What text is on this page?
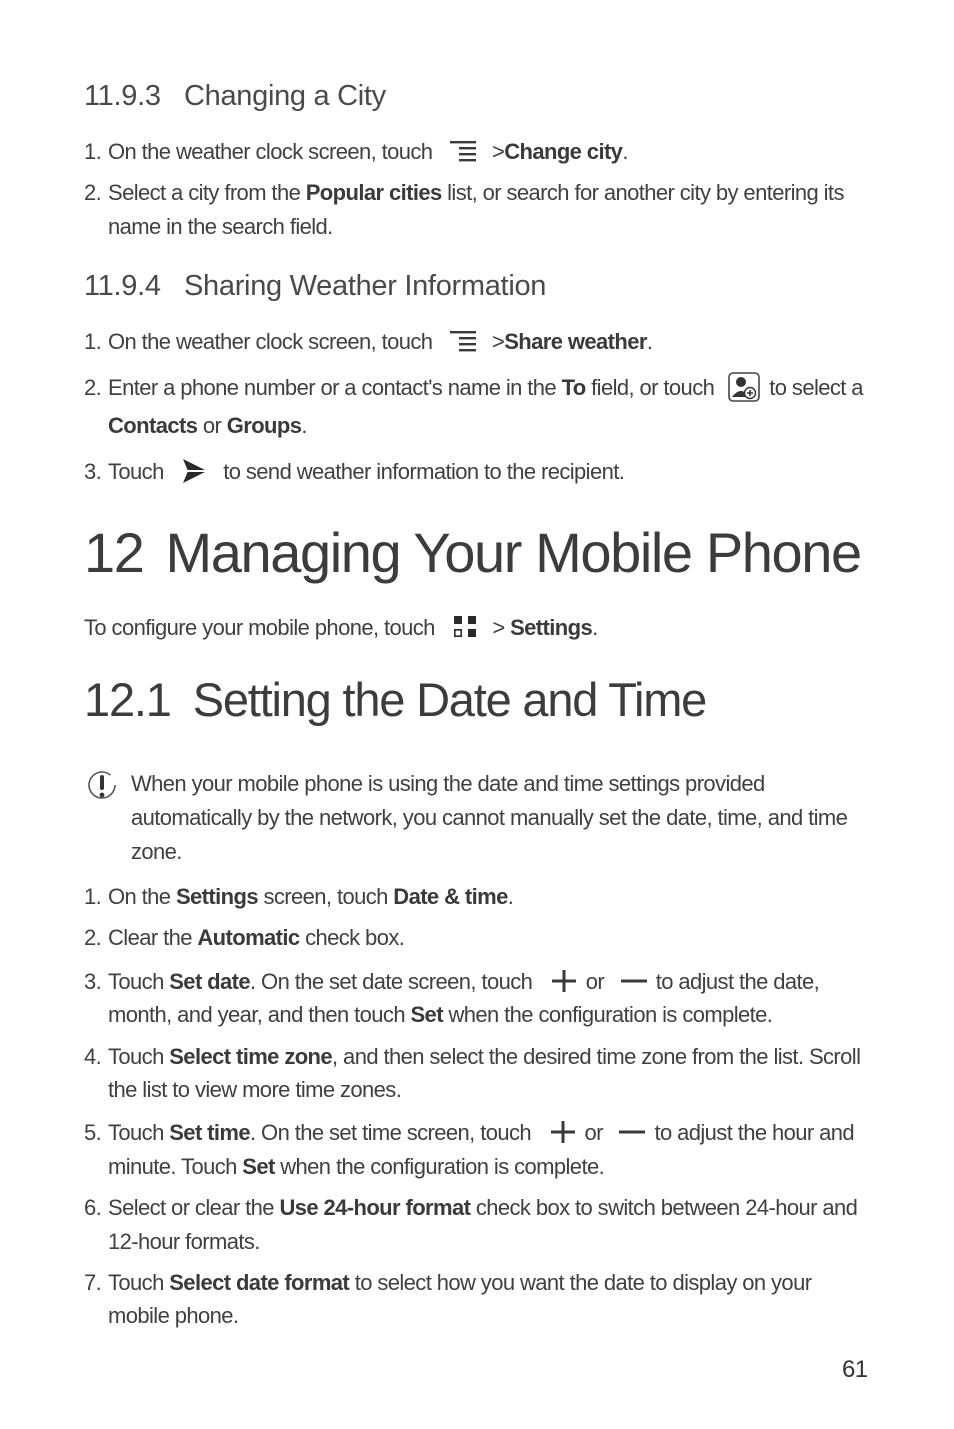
11.9.3 Changing a City
1. On the weather clock screen, touch	>Change city.
2. Select a city from the Popular cities list, or search for another city by entering its
name in the search field.
11.9.4 Sharing Weather Information
1. On the weather clock screen, touch	>Share weather.
2. Enter a phone number or a contact's name in the To field, or touch	to select a
Contacts or Groups.
3. Touch	to send weather information to the recipient.
12 Managing Your Mobile Phone
To configure your mobile phone, touch	> Settings.
12.1 Setting the Date and Time
When your mobile phone is using the date and time settings provided
automatically by the network, you cannot manually set the date, time, and time
zone.
1. On the Settings screen, touch Date & time.
2. Clear the Automatic check box.
3. Touch Set date. On the set date screen, touch or to adjust the date,
month, and year, and then touch Set when the configuration is complete.
4. Touch Select time zone, and then select the desired time zone from the list. Scroll
the list to view more time zones.
5. Touch Set time. On the set time screen, touch or to adjust the hour and
minute. Touch Set when the configuration is complete.
6. Select or clear the Use 24-hour format check box to switch between 24-hour and
12-hour formats.
7. Touch Select date format to select how you want the date to display on your
mobile phone.
61
